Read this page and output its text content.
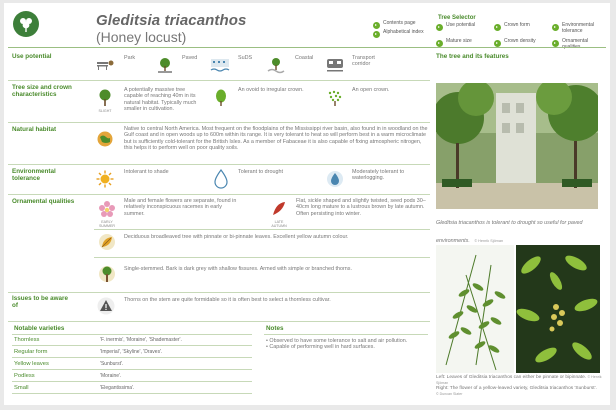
Gleditsia triacanthos
(Honey locust)
Contents page
Alphabetical index
Tree Selector
Use potential	Crown form	Environmental tolerance
Mature size	Crown density	Ornamental qualities
Use potential	Park	Paved	SuDS	Coastal	Transport corridor
Tree size and crown characteristics
SLIGHT
A potentially massive tree capable of reaching 40m in its natural habitat. Typically much smaller in cultivation.
An ovoid to irregular crown.	An open crown.
Natural habitat	Native to central North America. Most frequent on the floodplains of the Mississippi river basin, also found in in woodland on the Gulf coast and in open woods up to 600m within its range. It is very tolerant to heat so will perform best in a warm microclimate but is sufficiently cold-tolerant for the British Isles. As a member of Fabaceae it is also capable of fixing atmospheric nitrogen, this helps it to perform well on poor quality soils.
Environmental tolerance
Intolerant to shade	Tolerant to drought	Moderately tolerant to waterlogging.
Ornamental qualities
EARLY SUMMER
Male and female flowers are separate, found in relatively inconspicuous racemes in early summer.
LATE AUTUMN
Flat, sickle shaped and slightly twisted, seed pods 30–40cm long mature to a lustrous brown by late autumn. Often persisting into winter.
Deciduous broadleaved tree with pinnate or bi-pinnate leaves. Excellent yellow autumn colour.
Single-stemmed. Bark is dark grey with shallow fissures. Armed with simple or branched thorns.
Issues to be aware of
Thorns on the stem are quite formidable so it is often best to select a thornless cultivar.
Notable varieties
Thornless	'F. inermis', 'Moraine', 'Shademaster'.
Regular form	'Imperial', 'Skyline', 'Draves'.
Yellow leaves	'Sunburst'.
Podless	'Moraine'.
Small	'Elegantissima'.
Notes
• Observed to have some tolerance to salt and air pollution.
• Capable of performing well in hard surfaces.
The tree and its features
Gleditsia triacanthos is tolerant to drought so useful for paved environments. © Henrik Sjöman
Left: Leaves of Gleditsia triacanthos can either be pinnate or bipinnate. © Henrik Sjöman
Right: The flower of a yellow-leaved variety, Gleditsia triacanthos 'Sunburst'.
© Duncan Slater
